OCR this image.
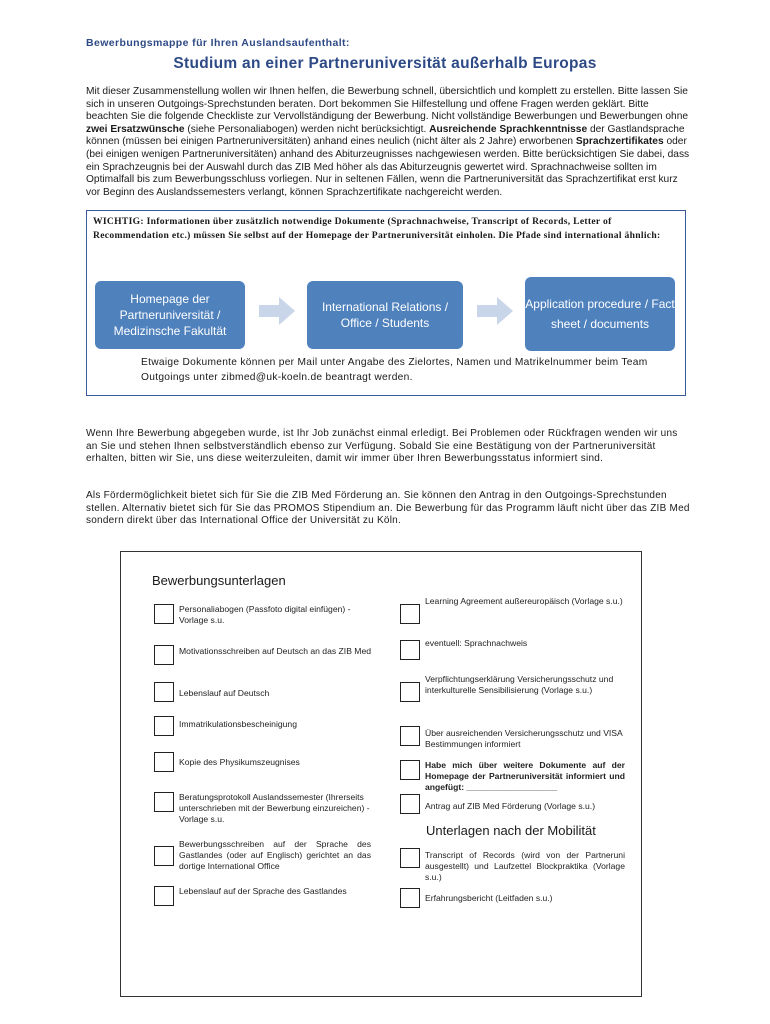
Bewerbungsmappe für Ihren Auslandsaufenthalt:
Studium an einer Partneruniversität außerhalb Europas
Mit dieser Zusammenstellung wollen wir Ihnen helfen, die Bewerbung schnell, übersichtlich und komplett zu erstellen. Bitte lassen Sie sich in unseren Outgoings-Sprechstunden beraten. Dort bekommen Sie Hilfestellung und offene Fragen werden geklärt. Bitte beachten Sie die folgende Checkliste zur Vervollständigung der Bewerbung. Nicht vollständige Bewerbungen und Bewerbungen ohne zwei Ersatzwünsche (siehe Personaliabogen) werden nicht berücksichtigt. Ausreichende Sprachkenntnisse der Gastlandsprache können (müssen bei einigen Partneruniversitäten) anhand eines neulich (nicht älter als 2 Jahre) erworbenen Sprachzertifikates oder (bei einigen wenigen Partneruniversitäten) anhand des Abiturzeugnisses nachgewiesen werden. Bitte berücksichtigen Sie dabei, dass ein Sprachzeugnis bei der Auswahl durch das ZIB Med höher als das Abiturzeugnis gewertet wird. Sprachnachweise sollten im Optimalfall bis zum Bewerbungsschluss vorliegen. Nur in seltenen Fällen, wenn die Partneruniversität das Sprachzertifikat erst kurz vor Beginn des Auslandssemesters verlangt, können Sprachzertifikate nachgereicht werden.
WICHTIG: Informationen über zusätzlich notwendige Dokumente (Sprachnachweise, Transcript of Records, Letter of Recommendation etc.) müssen Sie selbst auf der Homepage der Partneruniversität einholen. Die Pfade sind international ähnlich:
Homepage der Partneruniversität / Medizinsche Fakultät
International Relations / Office / Students
Application procedure / Fact sheet / documents
Etwaige Dokumente können per Mail unter Angabe des Zielortes, Namen und Matrikelnummer beim Team Outgoings unter zibmed@uk-koeln.de beantragt werden.
Wenn Ihre Bewerbung abgegeben wurde, ist Ihr Job zunächst einmal erledigt. Bei Problemen oder Rückfragen wenden wir uns an Sie und stehen Ihnen selbstverständlich ebenso zur Verfügung. Sobald Sie eine Bestätigung von der Partneruniversität erhalten, bitten wir Sie, uns diese weiterzuleiten, damit wir immer über Ihren Bewerbungsstatus informiert sind.
Als Fördermöglichkeit bietet sich für Sie die ZIB Med Förderung an. Sie können den Antrag in den Outgoings-Sprechstunden stellen. Alternativ bietet sich für Sie das PROMOS Stipendium an. Die Bewerbung für das Programm läuft nicht über das ZIB Med sondern direkt über das International Office der Universität zu Köln.
Bewerbungsunterlagen
Personaliabogen (Passfoto digital einfügen) - Vorlage s.u.
Motivationsschreiben auf Deutsch an das ZIB Med
Lebenslauf auf Deutsch
Immatrikulationsbescheinigung
Kopie des Physikumszeugnises
Beratungsprotokoll Auslandssemester (Ihrerseits unterschrieben mit der Bewerbung einzureichen) - Vorlage s.u.
Bewerbungsschreiben auf der Sprache des Gastlandes (oder auf Englisch) gerichtet an das dortige International Office
Lebenslauf auf der Sprache des Gastlandes
Learning Agreement außereuropäisch (Vorlage s.u.)
eventuell: Sprachnachweis
Verpflichtungserklärung Versicherungsschutz und interkulturelle Sensibilisierung (Vorlage s.u.)
Über ausreichenden Versicherungsschutz und VISA Bestimmungen informiert
Habe mich über weitere Dokumente auf der Homepage der Partneruniversität informiert und angefügt: ___________________
Antrag auf ZIB Med Förderung (Vorlage s.u.)
Unterlagen nach der Mobilität
Transcript of Records (wird von der Partneruni ausgestellt) und Laufzettel Blockpraktika (Vorlage s.u.)
Erfahrungsbericht (Leitfaden s.u.)
